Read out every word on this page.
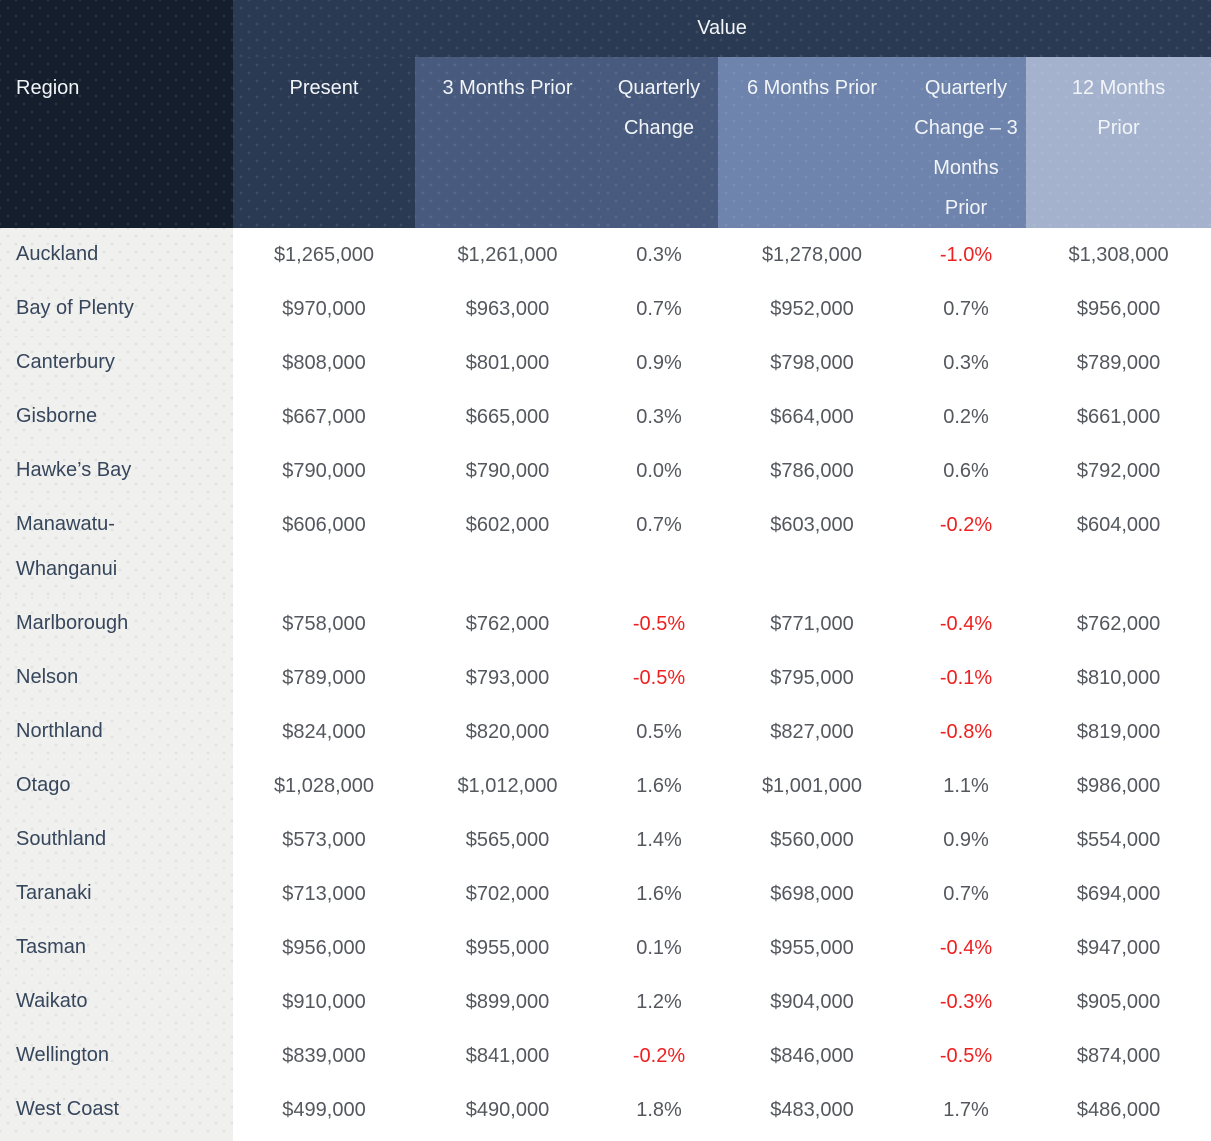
Region	Value					
	Present	3 Months Prior	Quarterly Change	6 Months Prior	Quarterly Change – 3 Months Prior	12 Months Prior
Auckland	$1,265,000	$1,261,000	0.3%	$1,278,000	-1.0%	$1,308,000
Bay of Plenty	$970,000	$963,000	0.7%	$952,000	0.7%	$956,000
Canterbury	$808,000	$801,000	0.9%	$798,000	0.3%	$789,000
Gisborne	$667,000	$665,000	0.3%	$664,000	0.2%	$661,000
Hawke’s Bay	$790,000	$790,000	0.0%	$786,000	0.6%	$792,000
Manawatu-Whanganui	$606,000	$602,000	0.7%	$603,000	-0.2%	$604,000
Marlborough	$758,000	$762,000	-0.5%	$771,000	-0.4%	$762,000
Nelson	$789,000	$793,000	-0.5%	$795,000	-0.1%	$810,000
Northland	$824,000	$820,000	0.5%	$827,000	-0.8%	$819,000
Otago	$1,028,000	$1,012,000	1.6%	$1,001,000	1.1%	$986,000
Southland	$573,000	$565,000	1.4%	$560,000	0.9%	$554,000
Taranaki	$713,000	$702,000	1.6%	$698,000	0.7%	$694,000
Tasman	$956,000	$955,000	0.1%	$955,000	-0.4%	$947,000
Waikato	$910,000	$899,000	1.2%	$904,000	-0.3%	$905,000
Wellington	$839,000	$841,000	-0.2%	$846,000	-0.5%	$874,000
West Coast	$499,000	$490,000	1.8%	$483,000	1.7%	$486,000
